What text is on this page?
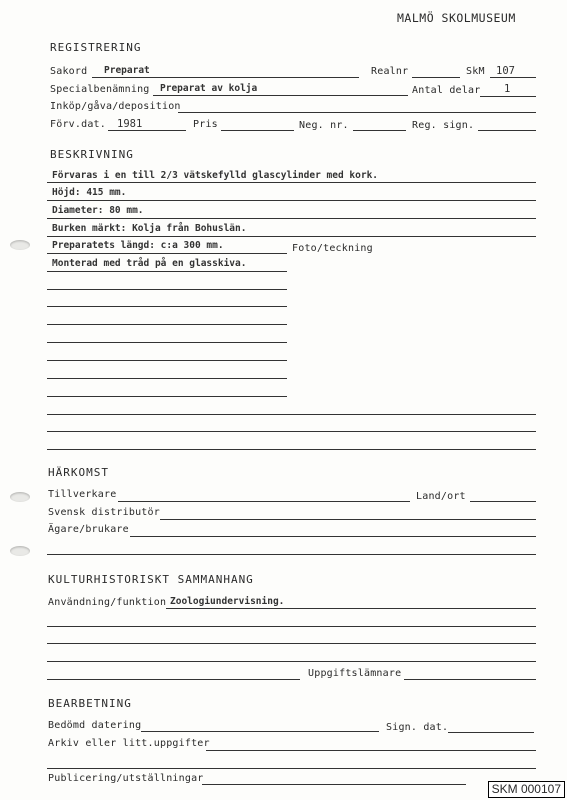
MALMÖ SKOLMUSEUM
REGISTRERING
Sakord Preparat	Realnr	SkM 107
Specialbenämning Preparat av kolja	Antal delar 1
Inköp/gåva/deposition
Förv.dat. 1981	Pris	Neg. nr.	Reg. sign.
BESKRIVNING
Förvaras i en till 2/3 vätskefylld glascylinder med kork.
Höjd: 415 mm.
Diameter: 80 mm.
Burken märkt: Kolja från Bohuslän.
Preparatets längd: c:a 300 mm.	Foto/teckning
Monterad med tråd på en glasskiva.
HÄRKOMST
Tillverkare	Land/ort
Svensk distributör
Ägare/brukare
KULTURHISTORISKT SAMMANHANG
Användning/funktion Zoologiundervisning.
Uppgiftslämnare
BEARBETNING
Bedömd datering	Sign. dat.
Arkiv eller litt.uppgifter
Publicering/utställningar
SKM 000107
